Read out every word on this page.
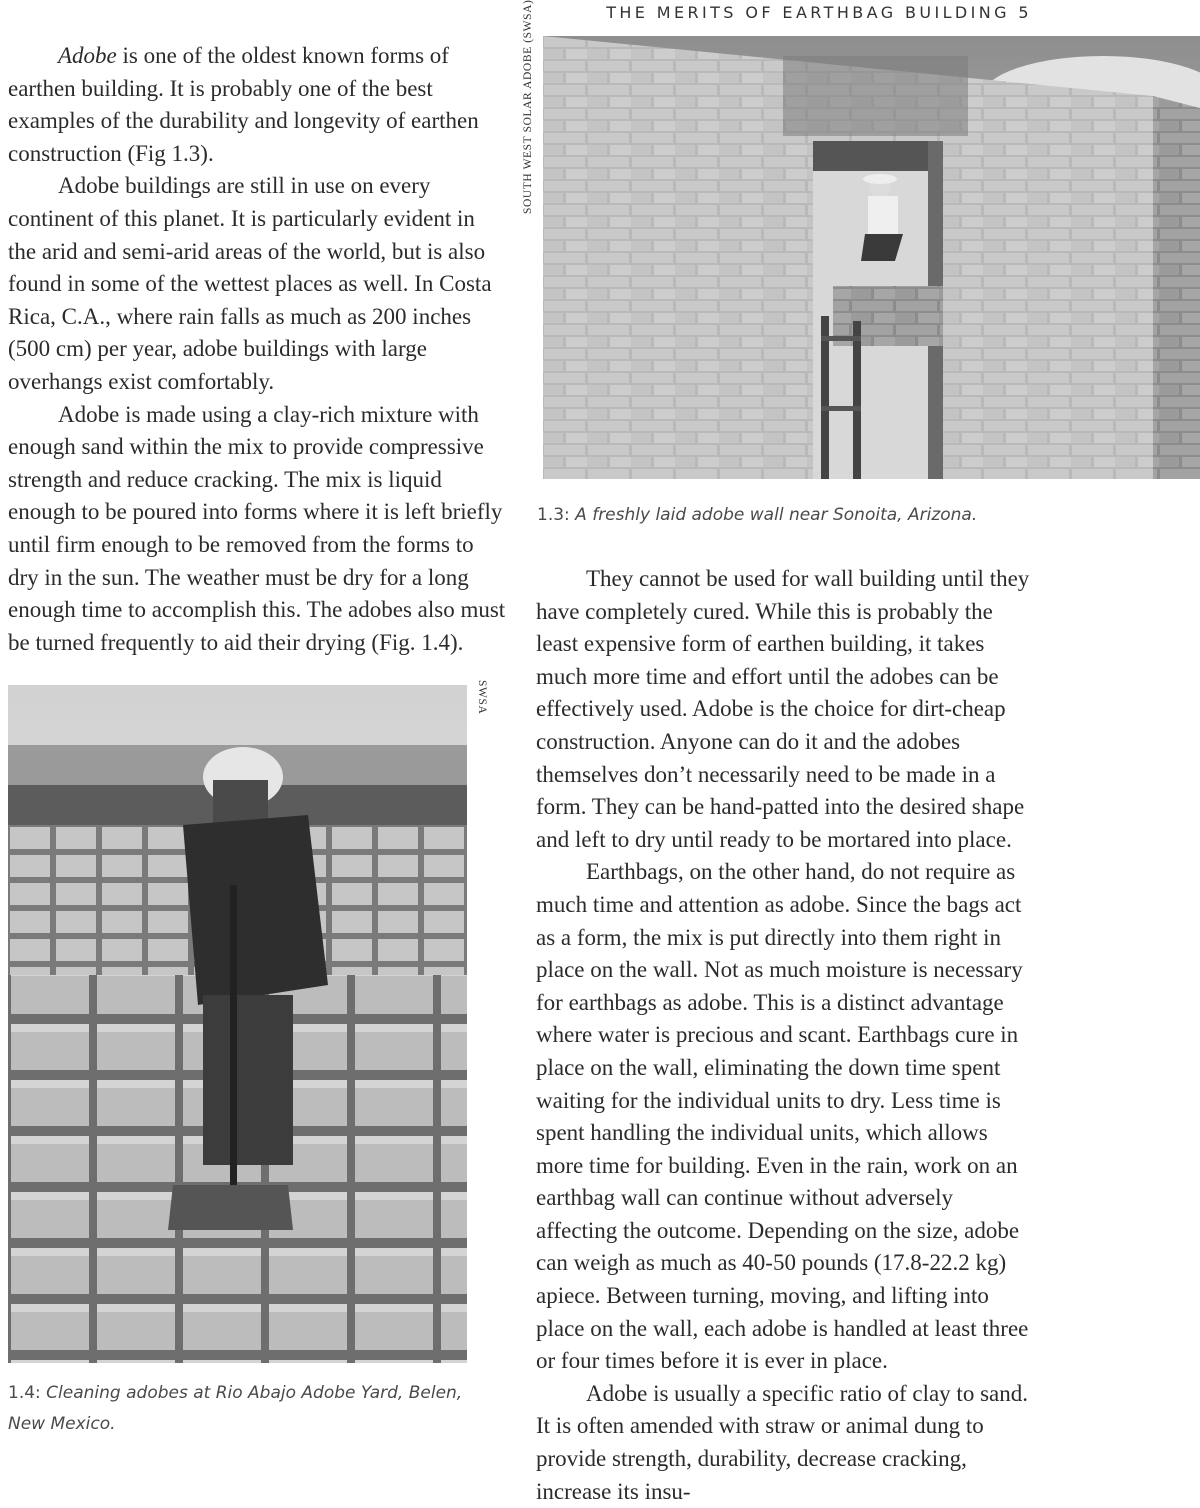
THE MERITS OF EARTHBAG BUILDING 5
SOUTH WEST SOLAR ADOBE (SWSA)

Adobe is one of the oldest known forms of earthen building. It is probably one of the best examples of the durability and longevity of earthen construction (Fig 1.3).

Adobe buildings are still in use on every continent of this planet. It is particularly evident in the arid and semi-arid areas of the world, but is also found in some of the wettest places as well. In Costa Rica, C.A., where rain falls as much as 200 inches (500 cm) per year, adobe buildings with large overhangs exist comfortably.

Adobe is made using a clay-rich mixture with enough sand within the mix to provide compressive strength and reduce cracking. The mix is liquid enough to be poured into forms where it is left briefly until firm enough to be removed from the forms to dry in the sun. The weather must be dry for a long enough time to accomplish this. The adobes also must be turned frequently to aid their drying (Fig. 1.4).

1.3: A freshly laid adobe wall near Sonoita, Arizona.
SWSA

They cannot be used for wall building until they have completely cured. While this is probably the least expensive form of earthen building, it takes much more time and effort until the adobes can be effectively used. Adobe is the choice for dirt-cheap construction. Anyone can do it and the adobes themselves don’t necessarily need to be made in a form. They can be hand-patted into the desired shape and left to dry until ready to be mortared into place.

Earthbags, on the other hand, do not require as much time and attention as adobe. Since the bags act as a form, the mix is put directly into them right in place on the wall. Not as much moisture is necessary for earthbags as adobe. This is a distinct advantage where water is precious and scant. Earthbags cure in place on the wall, eliminating the down time spent waiting for the individual units to dry. Less time is spent handling the individual units, which allows more time for building. Even in the rain, work on an earthbag wall can continue without adversely affecting the outcome. Depending on the size, adobe can weigh as much as 40-50 pounds (17.8-22.2 kg) apiece. Between turning, moving, and lifting into place on the wall, each adobe is handled at least three or four times before it is ever in place.

Adobe is usually a specific ratio of clay to sand. It is often amended with straw or animal dung to provide strength, durability, decrease cracking, increase its insu-

1.4: Cleaning adobes at Rio Abajo Adobe Yard, Belen, New Mexico.
